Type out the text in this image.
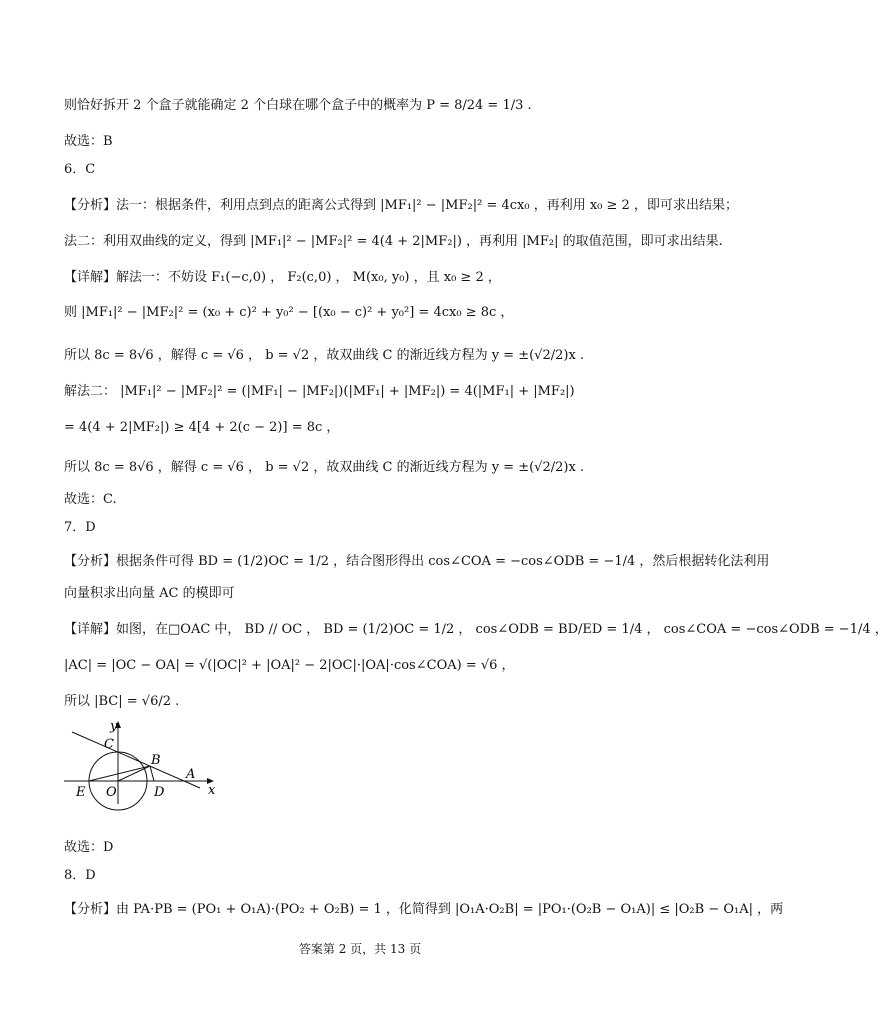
则恰好拆开 2 个盒子就能确定 2 个白球在哪个盒子中的概率为 P = 8/24 = 1/3 .
故选：B
6．C
【分析】法一：根据条件，利用点到点的距离公式得到 |MF₁|² − |MF₂|² = 4cx₀ ，再利用 x₀ ≥ 2 ，即可求出结果；
法二：利用双曲线的定义，得到 |MF₁|² − |MF₂|² = 4(4 + 2|MF₂|) ，再利用 |MF₂| 的取值范围，即可求出结果.
【详解】解法一：不妨设 F₁(−c,0) ， F₂(c,0) ， M(x₀, y₀) ，且 x₀ ≥ 2 ，
则 |MF₁|² − |MF₂|² = (x₀ + c)² + y₀² − [(x₀ − c)² + y₀²] = 4cx₀ ≥ 8c ，
所以 8c = 8√6 ，解得 c = √6 ， b = √2 ，故双曲线 C 的渐近线方程为 y = ±(√2/2)x .
解法二： |MF₁|² − |MF₂|² = (|MF₁| − |MF₂|)(|MF₁| + |MF₂|) = 4(|MF₁| + |MF₂|)
= 4(4 + 2|MF₂|) ≥ 4[4 + 2(c − 2)] = 8c ，
所以 8c = 8√6 ，解得 c = √6 ， b = √2 ，故双曲线 C 的渐近线方程为 y = ±(√2/2)x .
故选：C.
7．D
【分析】根据条件可得 BD = (1/2)OC = 1/2 ，结合图形得出 cos∠COA = −cos∠ODB = −1/4 ，然后根据转化法利用
向量积求出向量 AC 的模即可
【详解】如图，在□OAC 中， BD // OC ， BD = (1/2)OC = 1/2 ， cos∠ODB = BD/ED = 1/4 ， cos∠COA = −cos∠ODB = −1/4 ，
|AC| = |OC − OA| = √(|OC|² + |OA|² − 2|OC|·|OA|·cos∠COA) = √6 ，
所以 |BC| = √6/2 .
y
x
C
B
A
E O	D
故选：D
8．D
【分析】由 PA·PB = (PO₁ + O₁A)·(PO₂ + O₂B) = 1 ，化简得到 |O₁A·O₂B| = |PO₁·(O₂B − O₁A)| ≤ |O₂B − O₁A| ，两
答案第 2 页，共 13 页
